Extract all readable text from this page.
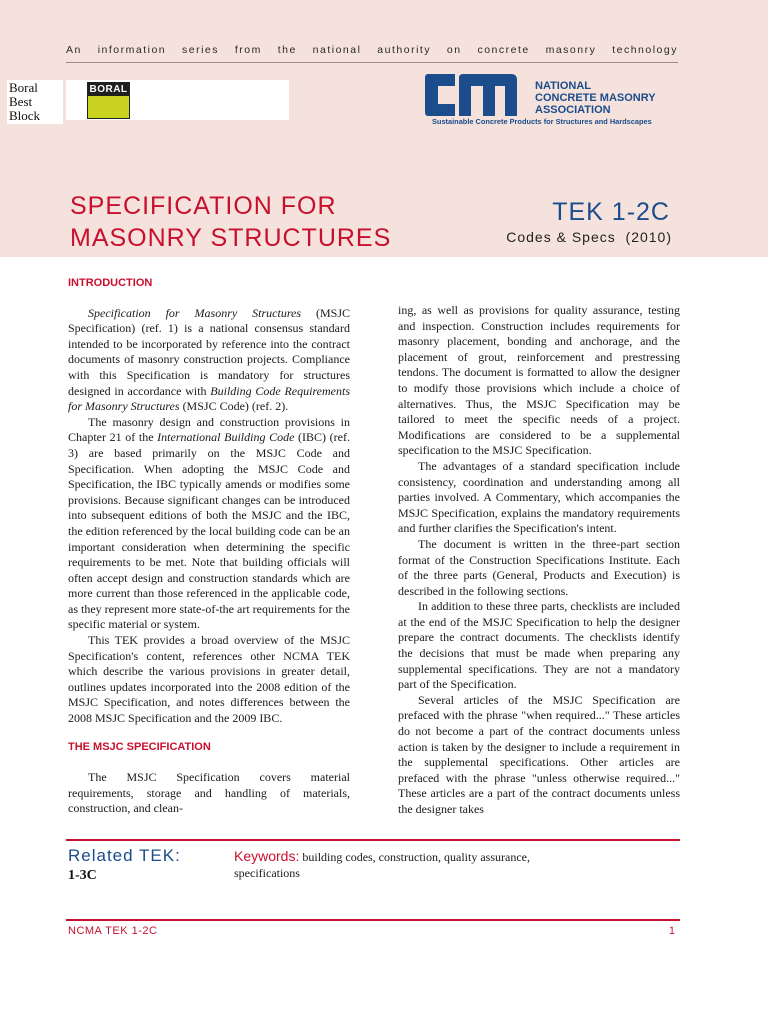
An information series from the national authority on concrete masonry technology
Boral
Best
Block
BORAL	NATIONAL
CONCRETE MASONRY
ASSOCIATION
Sustainable Concrete Products for Structures and Hardscapes
SPECIFICATION FOR
MASONRY STRUCTURES
TEK 1-2C
Codes & Specs (2010)
INTRODUCTION

Specification for Masonry Structures (MSJC Specification) (ref. 1) is a national consensus standard intended to be incorporated by reference into the contract documents of masonry construction projects. Compliance with this Specification is mandatory for structures designed in accordance with Building Code Requirements for Masonry Structures (MSJC Code) (ref. 2).

The masonry design and construction provisions in Chapter 21 of the International Building Code (IBC) (ref. 3) are based primarily on the MSJC Code and Specification. When adopting the MSJC Code and Specification, the IBC typically amends or modifies some provisions. Because significant changes can be introduced into subsequent editions of both the MSJC and the IBC, the edition referenced by the local building code can be an important consideration when determining the specific requirements to be met. Note that building officials will often accept design and construction standards which are more current than those referenced in the applicable code, as they represent more state-of-the art requirements for the specific material or system.

This TEK provides a broad overview of the MSJC Specification's content, references other NCMA TEK which describe the various provisions in greater detail, outlines updates incorporated into the 2008 edition of the MSJC Specification, and notes differences between the 2008 MSJC Specification and the 2009 IBC.

THE MSJC SPECIFICATION

The MSJC Specification covers material requirements, storage and handling of materials, construction, and clean-

ing, as well as provisions for quality assurance, testing and inspection. Construction includes requirements for masonry placement, bonding and anchorage, and the placement of grout, reinforcement and prestressing tendons. The document is formatted to allow the designer to modify those provisions which include a choice of alternatives. Thus, the MSJC Specification may be tailored to meet the specific needs of a project. Modifications are considered to be a supplemental specification to the MSJC Specification.

The advantages of a standard specification include consistency, coordination and understanding among all parties involved. A Commentary, which accompanies the MSJC Specification, explains the mandatory requirements and further clarifies the Specification's intent.

The document is written in the three-part section format of the Construction Specifications Institute. Each of the three parts (General, Products and Execution) is described in the following sections.

In addition to these three parts, checklists are included at the end of the MSJC Specification to help the designer prepare the contract documents. The checklists identify the decisions that must be made when preparing any supplemental specifications. They are not a mandatory part of the Specification.

Several articles of the MSJC Specification are prefaced with the phrase "when required..." These articles do not become a part of the contract documents unless action is taken by the designer to include a requirement in the supplemental specifications. Other articles are prefaced with the phrase "unless otherwise required..." These articles are a part of the contract documents unless the designer takes

Related TEK:
1-3C
Keywords: building codes, construction, quality assurance, specifications
NCMA TEK 1-2C	1
